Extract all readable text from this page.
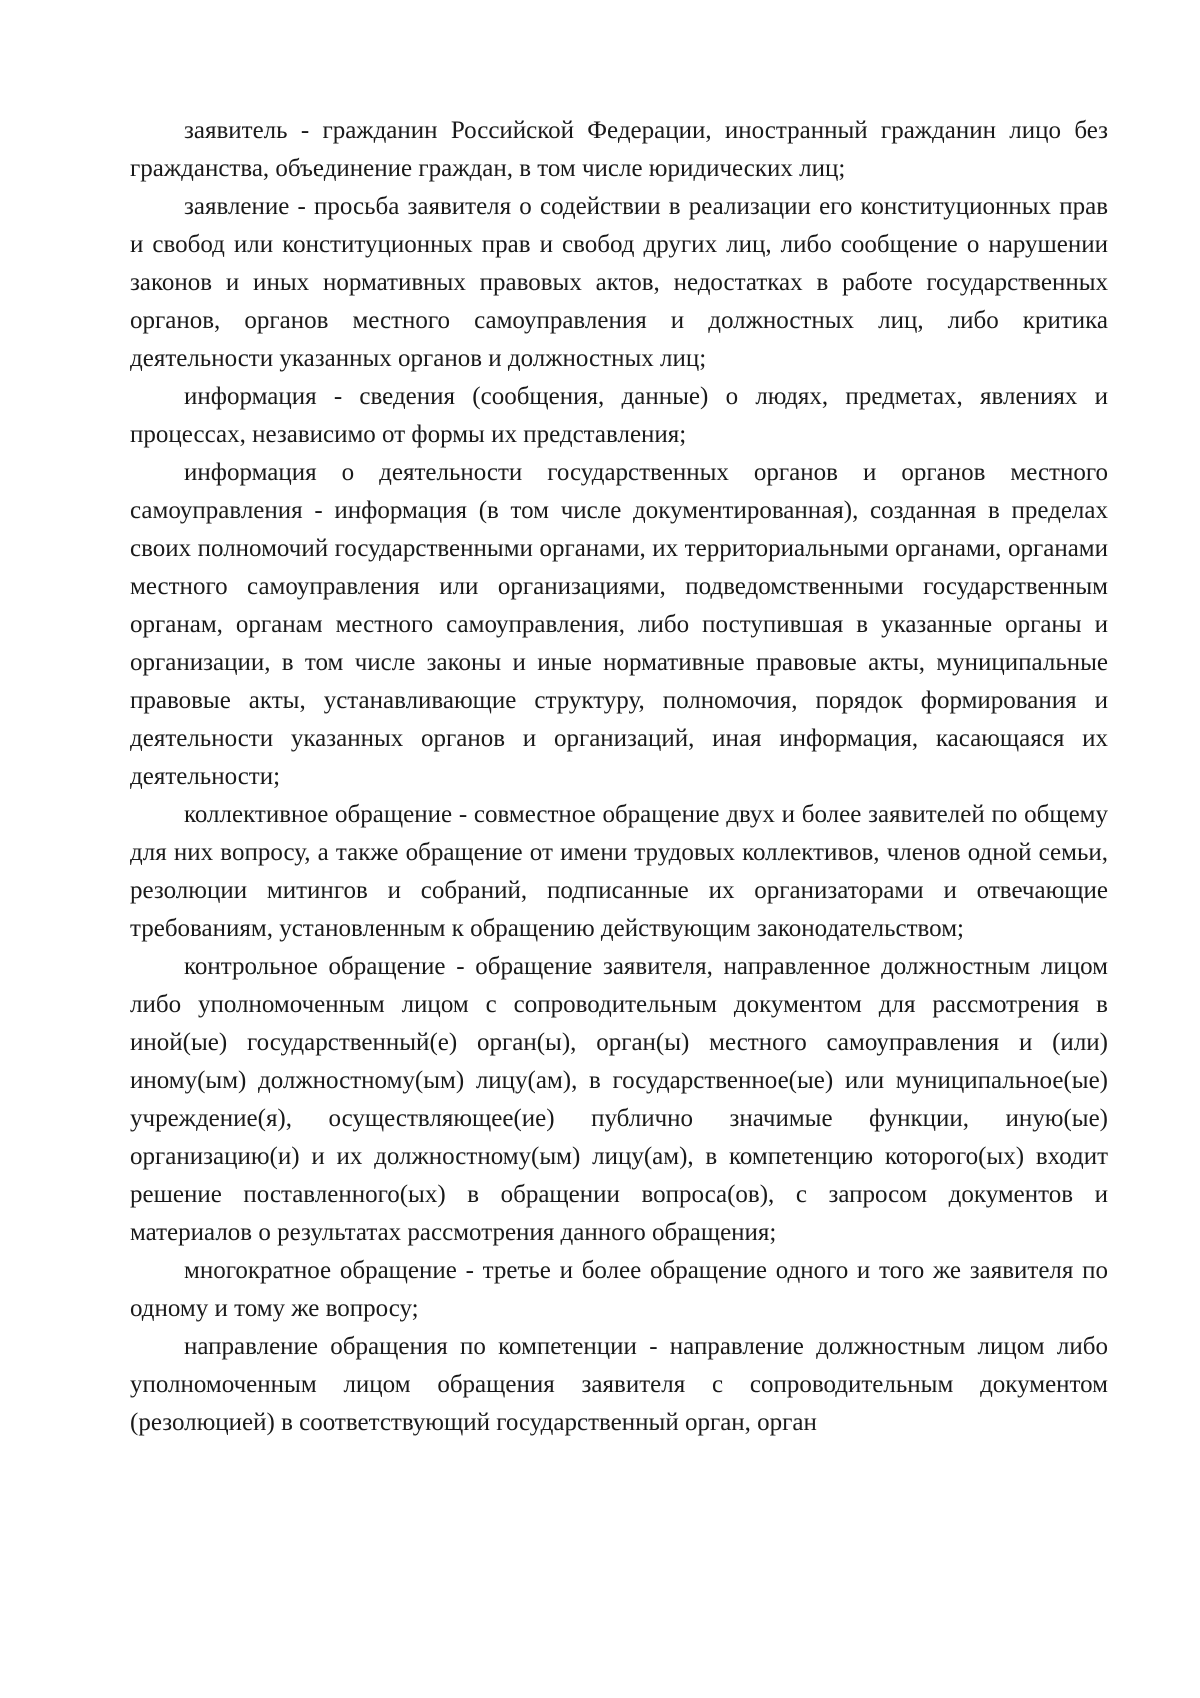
заявитель - гражданин Российской Федерации, иностранный гражданин лицо без гражданства, объединение граждан, в том числе юридических лиц;

заявление - просьба заявителя о содействии в реализации его конституционных прав и свобод или конституционных прав и свобод других лиц, либо сообщение о нарушении законов и иных нормативных правовых актов, недостатках в работе государственных органов, органов местного самоуправления и должностных лиц, либо критика деятельности указанных органов и должностных лиц;

информация - сведения (сообщения, данные) о людях, предметах, явлениях и процессах, независимо от формы их представления;

информация о деятельности государственных органов и органов местного самоуправления - информация (в том числе документированная), созданная в пределах своих полномочий государственными органами, их территориальными органами, органами местного самоуправления или организациями, подведомственными государственным органам, органам местного самоуправления, либо поступившая в указанные органы и организации, в том числе законы и иные нормативные правовые акты, муниципальные правовые акты, устанавливающие структуру, полномочия, порядок формирования и деятельности указанных органов и организаций, иная информация, касающаяся их деятельности;

коллективное обращение - совместное обращение двух и более заявителей по общему для них вопросу, а также обращение от имени трудовых коллективов, членов одной семьи, резолюции митингов и собраний, подписанные их организаторами и отвечающие требованиям, установленным к обращению действующим законодательством;

контрольное обращение - обращение заявителя, направленное должностным лицом либо уполномоченным лицом с сопроводительным документом для рассмотрения в иной(ые) государственный(е) орган(ы), орган(ы) местного самоуправления и (или) иному(ым) должностному(ым) лицу(ам), в государственное(ые) или муниципальное(ые) учреждение(я), осуществляющее(ие) публично значимые функции, иную(ые) организацию(и) и их должностному(ым) лицу(ам), в компетенцию которого(ых) входит решение поставленного(ых) в обращении вопроса(ов), с запросом документов и материалов о результатах рассмотрения данного обращения;

многократное обращение - третье и более обращение одного и того же заявителя по одному и тому же вопросу;

направление обращения по компетенции - направление должностным лицом либо уполномоченным лицом обращения заявителя с сопроводительным документом (резолюцией) в соответствующий государственный орган, орган
